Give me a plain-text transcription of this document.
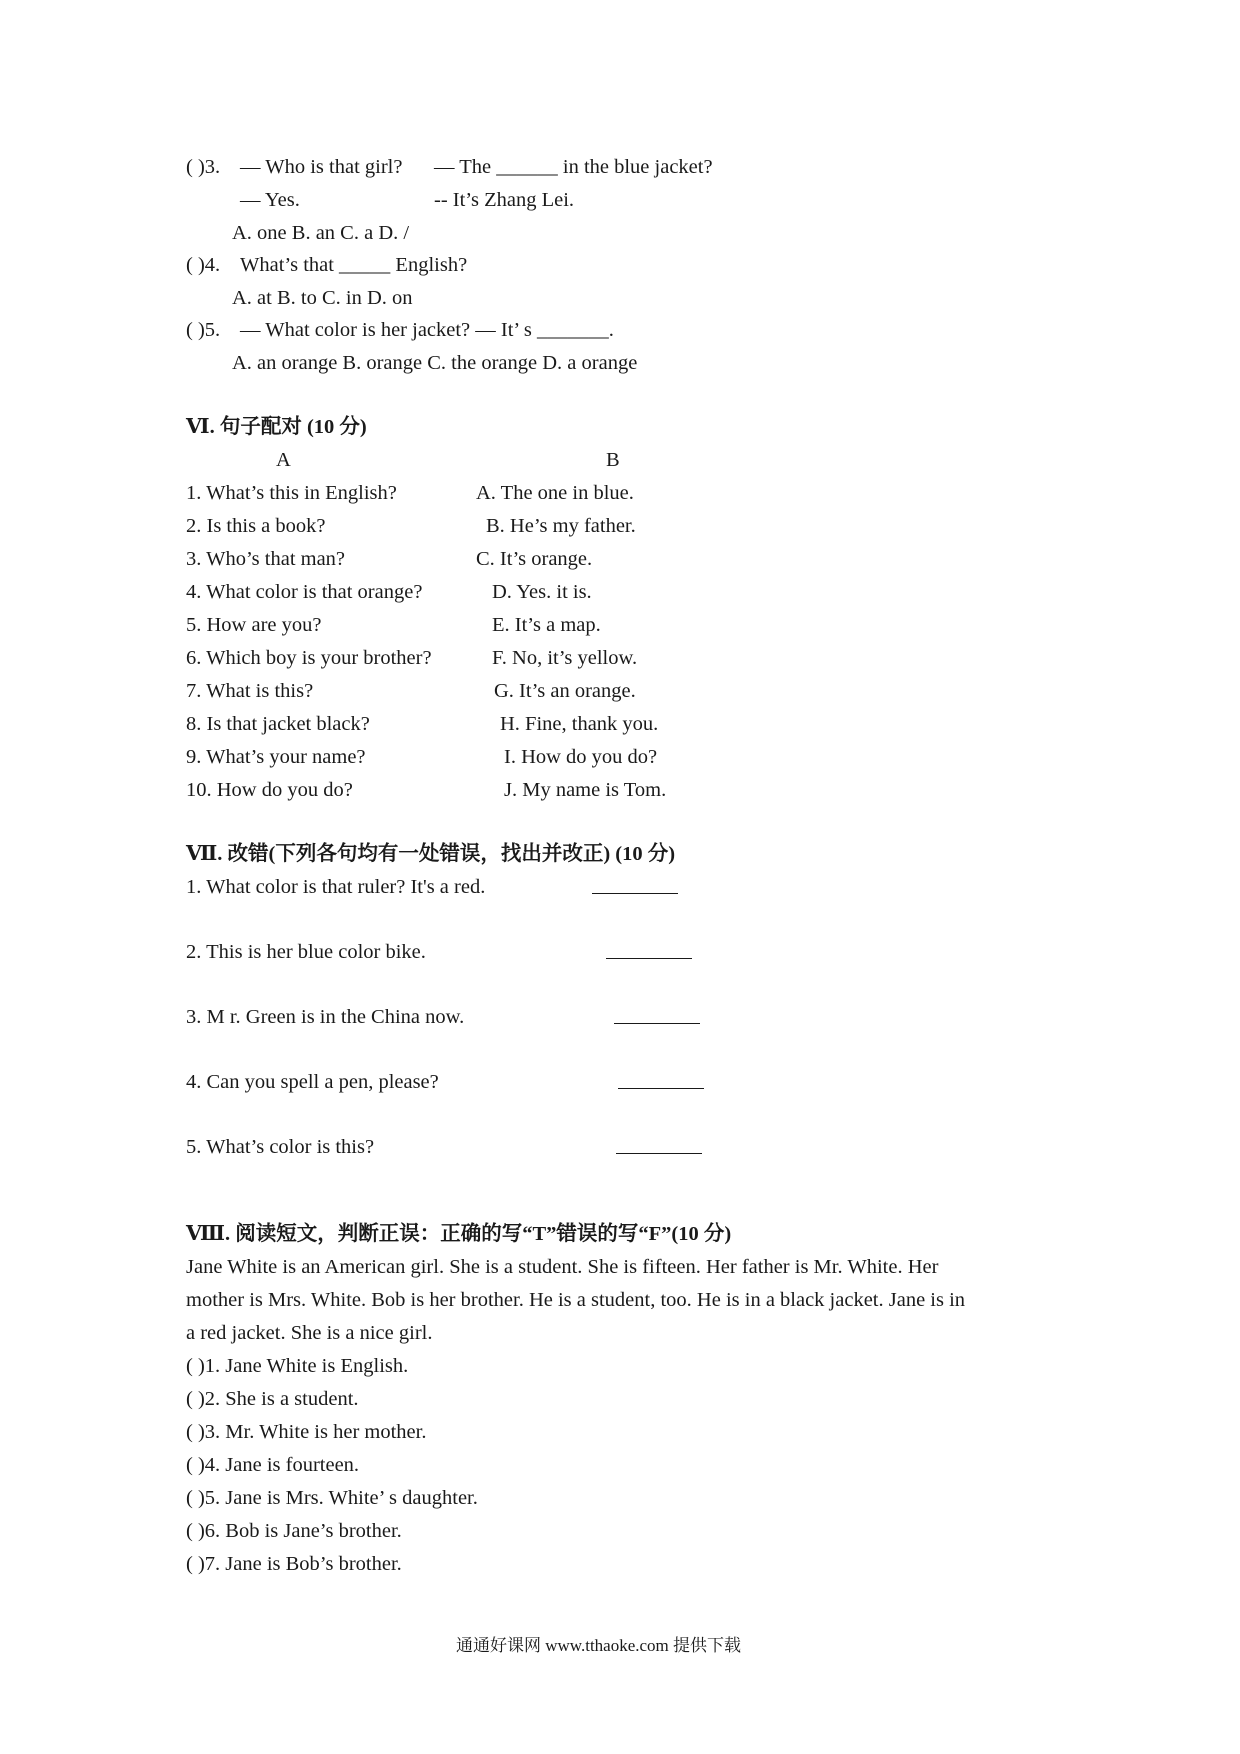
( )3. — Who is that girl? — The ______ in the blue jacket?
— Yes.	-- It’s Zhang Lei.
A. one B. an C. a D. /
( )4. What’s that _____ English?
A. at B. to C. in D. on
( )5. — What color is her jacket? — It’ s _______.
A. an orange B. orange C. the orange D. a orange
Ⅵ. 句子配对 (10 分)
A	B
1. What’s this in English?
2. Is this a book?
3. Who’s that man?
4. What color is that orange?
5. How are you?
6. Which boy is your brother?
7. What is this?
8. Is that jacket black?
9. What’s your name?
10. How do you do?
A. The one in blue.
B. He’s my father.
C. It’s orange.
D. Yes. it is.
E. It’s a map.
F. No, it’s yellow.
G. It’s an orange.
H. Fine, thank you.
I. How do you do?
J. My name is Tom.
Ⅶ. 改错(下列各句均有一处错误，找出并改正) (10 分)
1. What color is that ruler? It's a red.
2. This is her blue color bike.
3. M r. Green is in the China now.
4. Can you spell a pen, please?
5. What’s color is this?
Ⅷ. 阅读短文，判断正误：正确的写“T”错误的写“F”(10 分)
Jane White is an American girl. She is a student. She is fifteen. Her father is Mr. White. Her
mother is Mrs. White. Bob is her brother. He is a student, too. He is in a black jacket. Jane is in
a red jacket. She is a nice girl.
( )1. Jane White is English.
( )2. She is a student.
( )3. Mr. White is her mother.
( )4. Jane is fourteen.
( )5. Jane is Mrs. White’ s daughter.
( )6. Bob is Jane’s brother.
( )7. Jane is Bob’s brother.
通通好课网 www.tthaoke.com 提供下载
